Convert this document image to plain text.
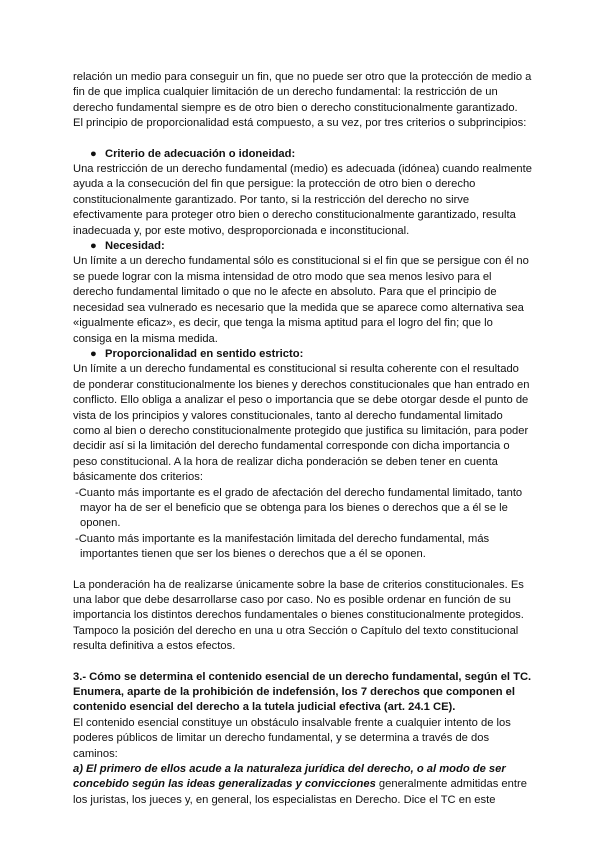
relación un medio para conseguir un fin, que no puede ser otro que la protección de medio a

fin de que implica cualquier limitación de un derecho fundamental: la restricción de un

derecho fundamental siempre es de otro bien o derecho constitucionalmente garantizado.

El principio de proporcionalidad está compuesto, a su vez, por tres criterios o subprincipios:

● Criterio de adecuación o idoneidad:

Una restricción de un derecho fundamental (medio) es adecuada (idónea) cuando realmente

ayuda a la consecución del fin que persigue: la protección de otro bien o derecho

constitucionalmente garantizado. Por tanto, si la restricción del derecho no sirve

efectivamente para proteger otro bien o derecho constitucionalmente garantizado, resulta

inadecuada y, por este motivo, desproporcionada e inconstitucional.

● Necesidad:

Un límite a un derecho fundamental sólo es constitucional si el fin que se persigue con él no

se puede lograr con la misma intensidad de otro modo que sea menos lesivo para el

derecho fundamental limitado o que no le afecte en absoluto. Para que el principio de

necesidad sea vulnerado es necesario que la medida que se aparece como alternativa sea

«igualmente eficaz», es decir, que tenga la misma aptitud para el logro del fin; que lo

consiga en la misma medida.

● Proporcionalidad en sentido estricto:

Un límite a un derecho fundamental es constitucional si resulta coherente con el resultado

de ponderar constitucionalmente los bienes y derechos constitucionales que han entrado en

conflicto. Ello obliga a analizar el peso o importancia que se debe otorgar desde el punto de

vista de los principios y valores constitucionales, tanto al derecho fundamental limitado

como al bien o derecho constitucionalmente protegido que justifica su limitación, para poder

decidir así si la limitación del derecho fundamental corresponde con dicha importancia o

peso constitucional. A la hora de realizar dicha ponderación se deben tener en cuenta

básicamente dos criterios:

-Cuanto más importante es el grado de afectación del derecho fundamental limitado, tanto

mayor ha de ser el beneficio que se obtenga para los bienes o derechos que a él se le

oponen.

-Cuanto más importante es la manifestación limitada del derecho fundamental, más

importantes tienen que ser los bienes o derechos que a él se oponen.

La ponderación ha de realizarse únicamente sobre la base de criterios constitucionales. Es

una labor que debe desarrollarse caso por caso. No es posible ordenar en función de su

importancia los distintos derechos fundamentales o bienes constitucionalmente protegidos.

Tampoco la posición del derecho en una u otra Sección o Capítulo del texto constitucional

resulta definitiva a estos efectos.

3.- Cómo se determina el contenido esencial de un derecho fundamental, según el TC.

Enumera, aparte de la prohibición de indefensión, los 7 derechos que componen el

contenido esencial del derecho a la tutela judicial efectiva (art. 24.1 CE).

El contenido esencial constituye un obstáculo insalvable frente a cualquier intento de los

poderes públicos de limitar un derecho fundamental, y se determina a través de dos

caminos:

a) El primero de ellos acude a la naturaleza jurídica del derecho, o al modo de ser

concebido según las ideas generalizadas y convicciones generalmente admitidas entre

los juristas, los jueces y, en general, los especialistas en Derecho. Dice el TC en este
